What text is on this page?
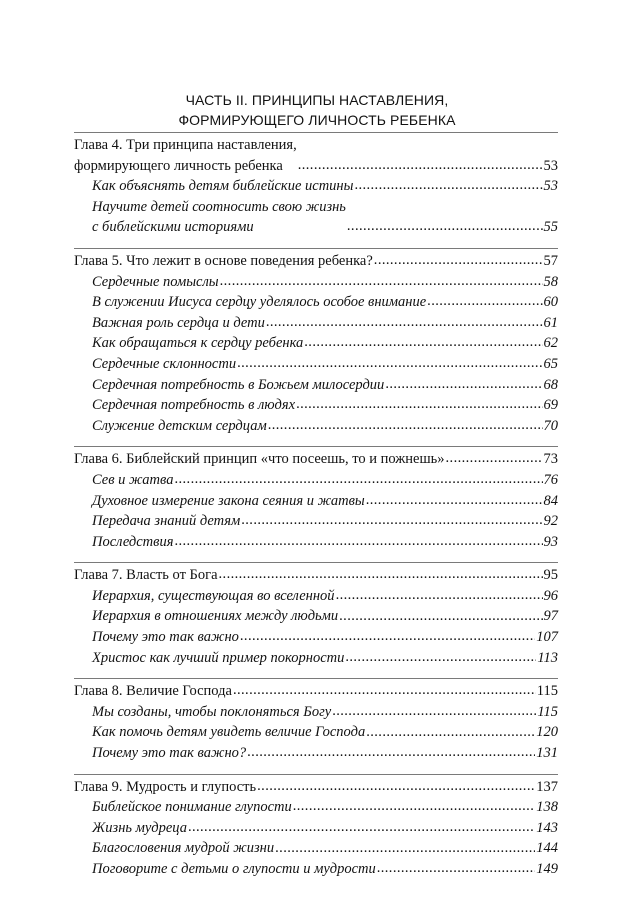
ЧАСТЬ II. ПРИНЦИПЫ НАСТАВЛЕНИЯ,
ФОРМИРУЮЩЕГО ЛИЧНОСТЬ РЕБЕНКА
Глава 4. Три принципа наставления,
формирующего личность ребенка .....	53
Как объяснять детям библейские истины .....	53
Научите детей соотносить свою жизнь
с библейскими историями .....	55
Глава 5. Что лежит в основе поведения ребенка? .....	57
Сердечные помыслы .....	58
В служении Иисуса сердцу уделялось особое внимание .....	60
Важная роль сердца и дети .....	61
Как обращаться к сердцу ребенка .....	62
Сердечные склонности .....	65
Сердечная потребность в Божьем милосердии .....	68
Сердечная потребность в людях .....	69
Служение детским сердцам .....	70
Глава 6. Библейский принцип «что посеешь, то и пожнешь» .....	73
Сев и жатва .....	76
Духовное измерение закона сеяния и жатвы .....	84
Передача знаний детям .....	92
Последствия .....	93
Глава 7. Власть от Бога .....	95
Иерархия, существующая во вселенной .....	96
Иерархия в отношениях между людьми .....	97
Почему это так важно .....	107
Христос как лучший пример покорности .....	113
Глава 8. Величие Господа .....	115
Мы созданы, чтобы поклоняться Богу .....	115
Как помочь детям увидеть величие Господа .....	120
Почему это так важно? .....	131
Глава 9. Мудрость и глупость .....	137
Библейское понимание глупости .....	138
Жизнь мудреца .....	143
Благословения мудрой жизни .....	144
Поговорите с детьми о глупости и мудрости .....	149
